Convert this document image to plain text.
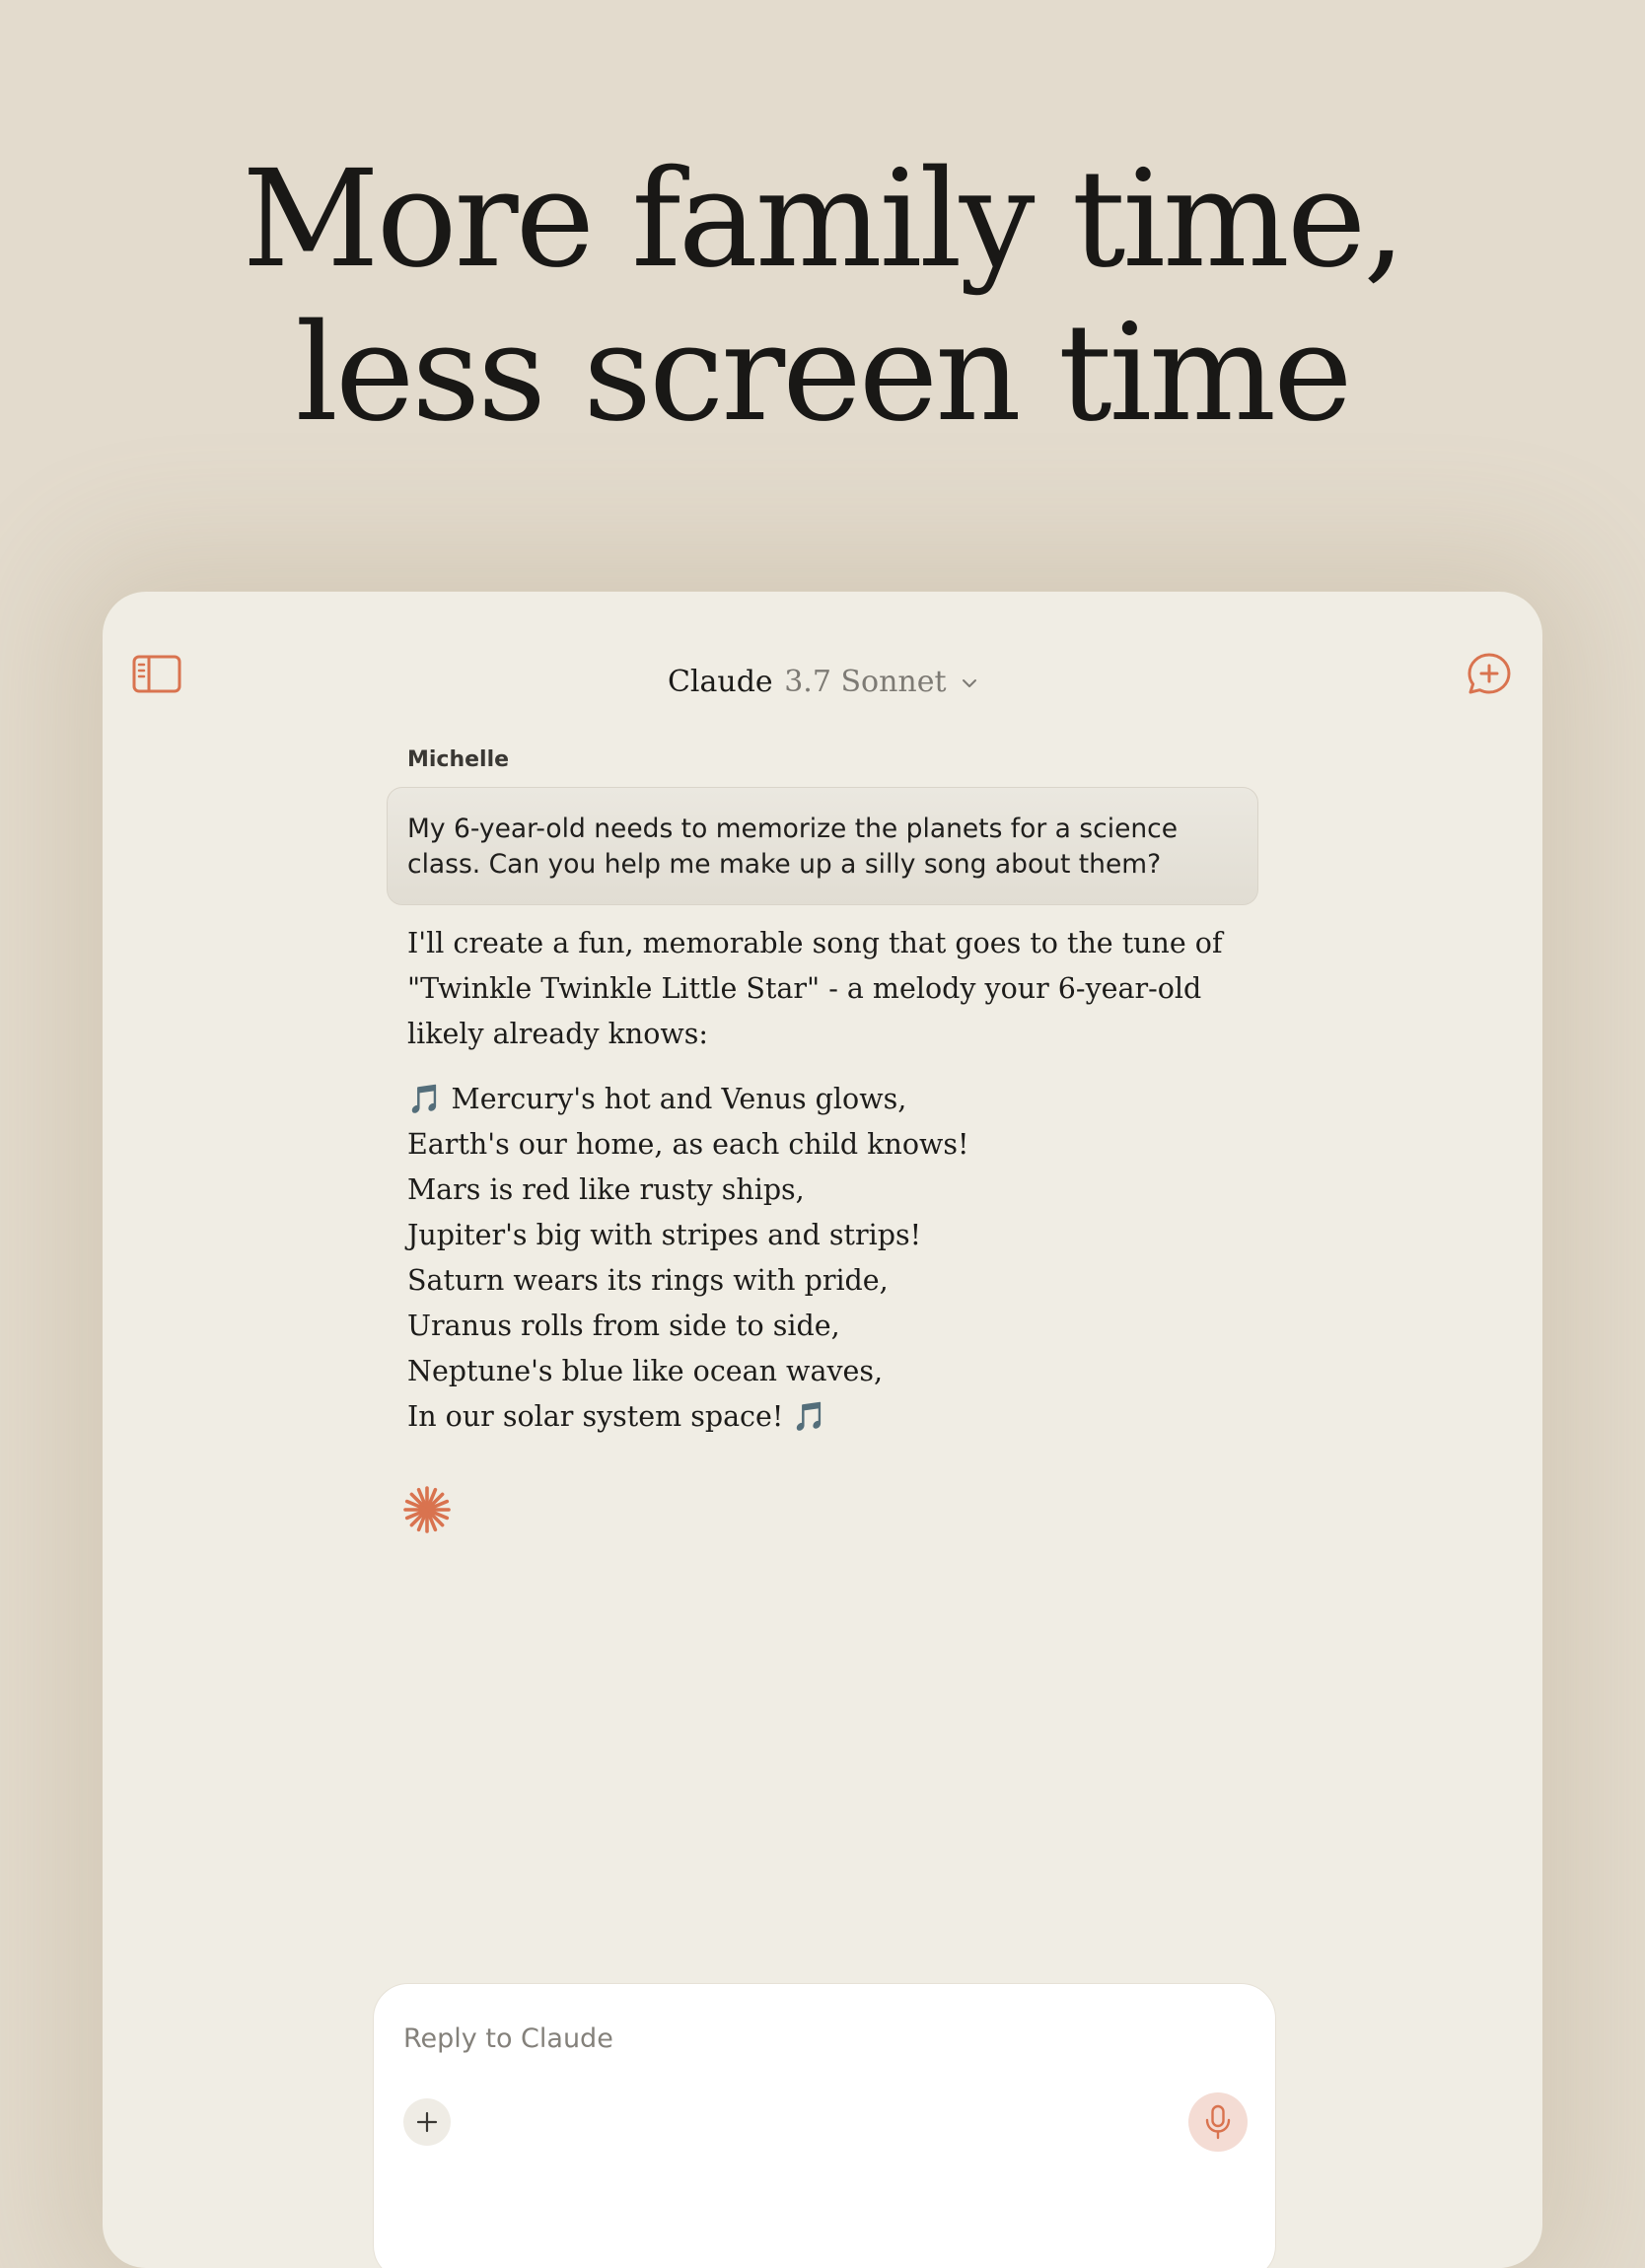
More family time,
less screen time
Claude 3.7 Sonnet
Michelle
My 6-year-old needs to memorize the planets for a science class. Can you help me make up a silly song about them?

I'll create a fun, memorable song that goes to the tune of "Twinkle Twinkle Little Star" - a melody your 6-year-old likely already knows:

🎵 Mercury's hot and Venus glows,
Earth's our home, as each child knows!
Mars is red like rusty ships,
Jupiter's big with stripes and strips!
Saturn wears its rings with pride,
Uranus rolls from side to side,
Neptune's blue like ocean waves,
In our solar system space! 🎵
Reply to Claude
